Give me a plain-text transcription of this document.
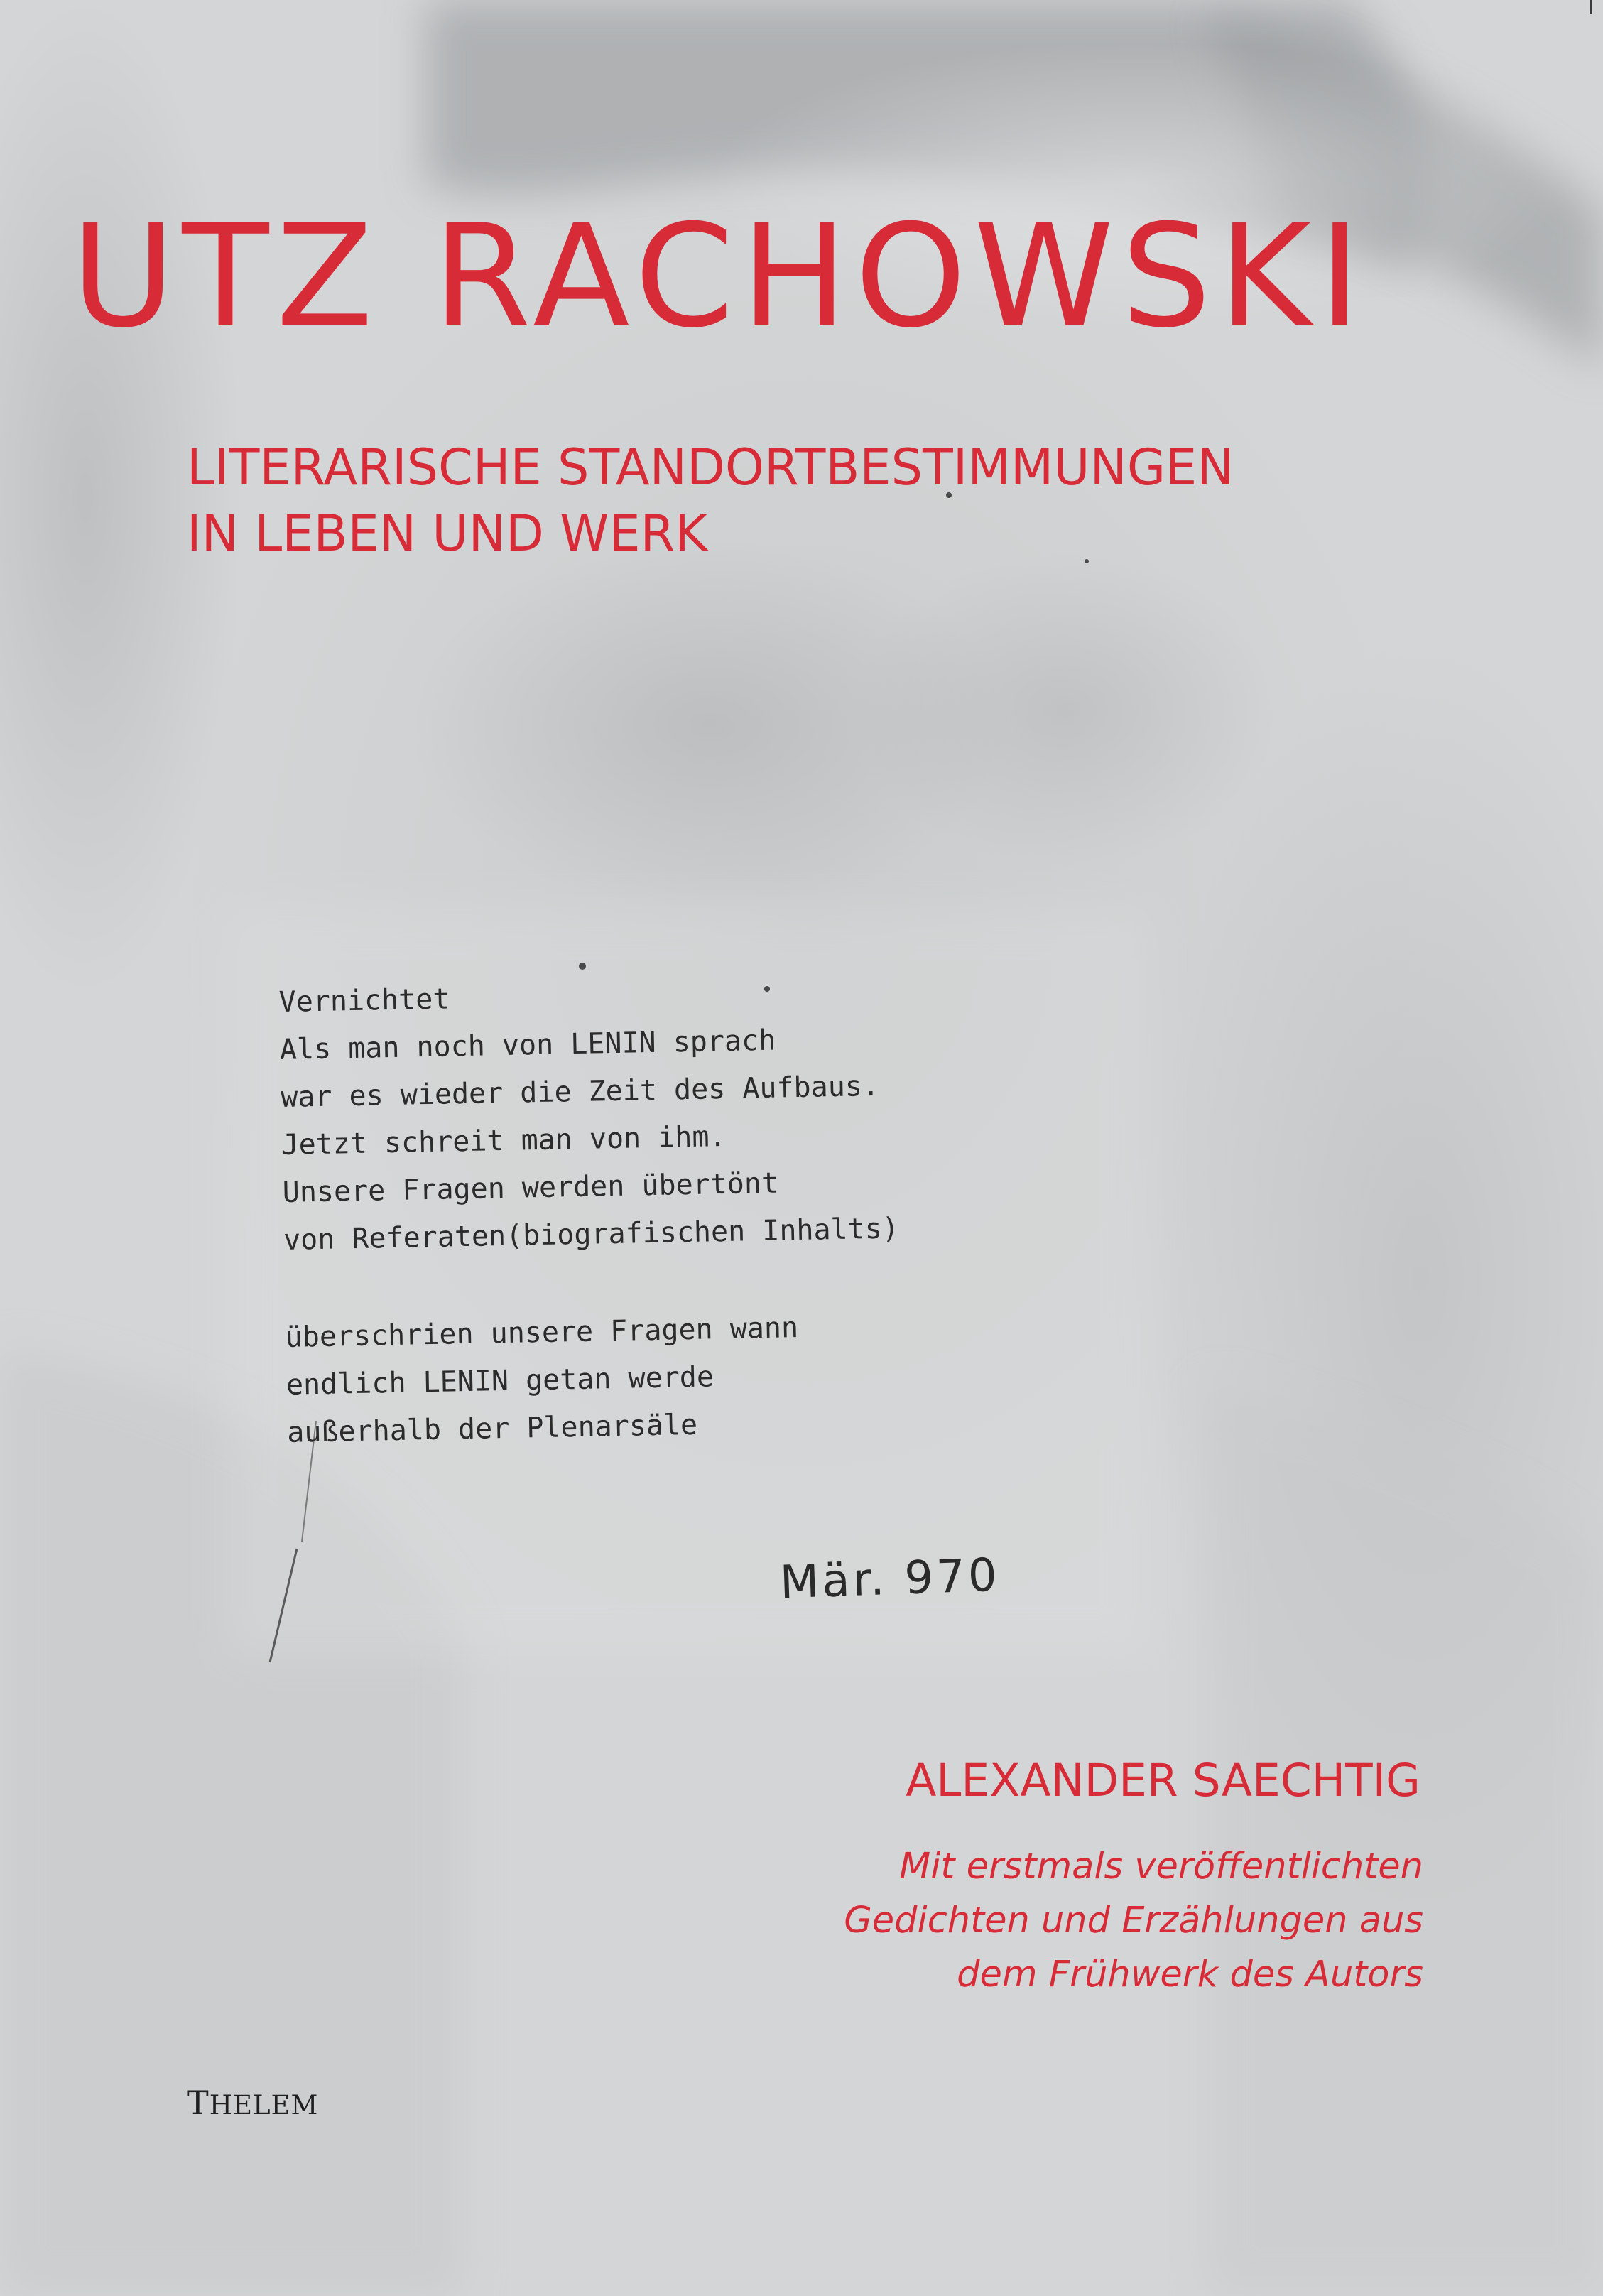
UTZ RACHOWSKI
LITERARISCHE STANDORTBESTIMMUNGEN
IN LEBEN UND WERK
Vernichtet
Als man noch von LENIN sprach
war es wieder die Zeit des Aufbaus.
Jetzt schreit man von ihm.
Unsere Fragen werden übertönt
von Referaten(biografischen Inhalts)
überschrien unsere Fragen wann
endlich LENIN getan werde
außerhalb der Plenarsäle
Mär. 970
ALEXANDER SAECHTIG
Mit erstmals veröffentlichten
Gedichten und Erzählungen aus
dem Frühwerk des Autors
THELEM
